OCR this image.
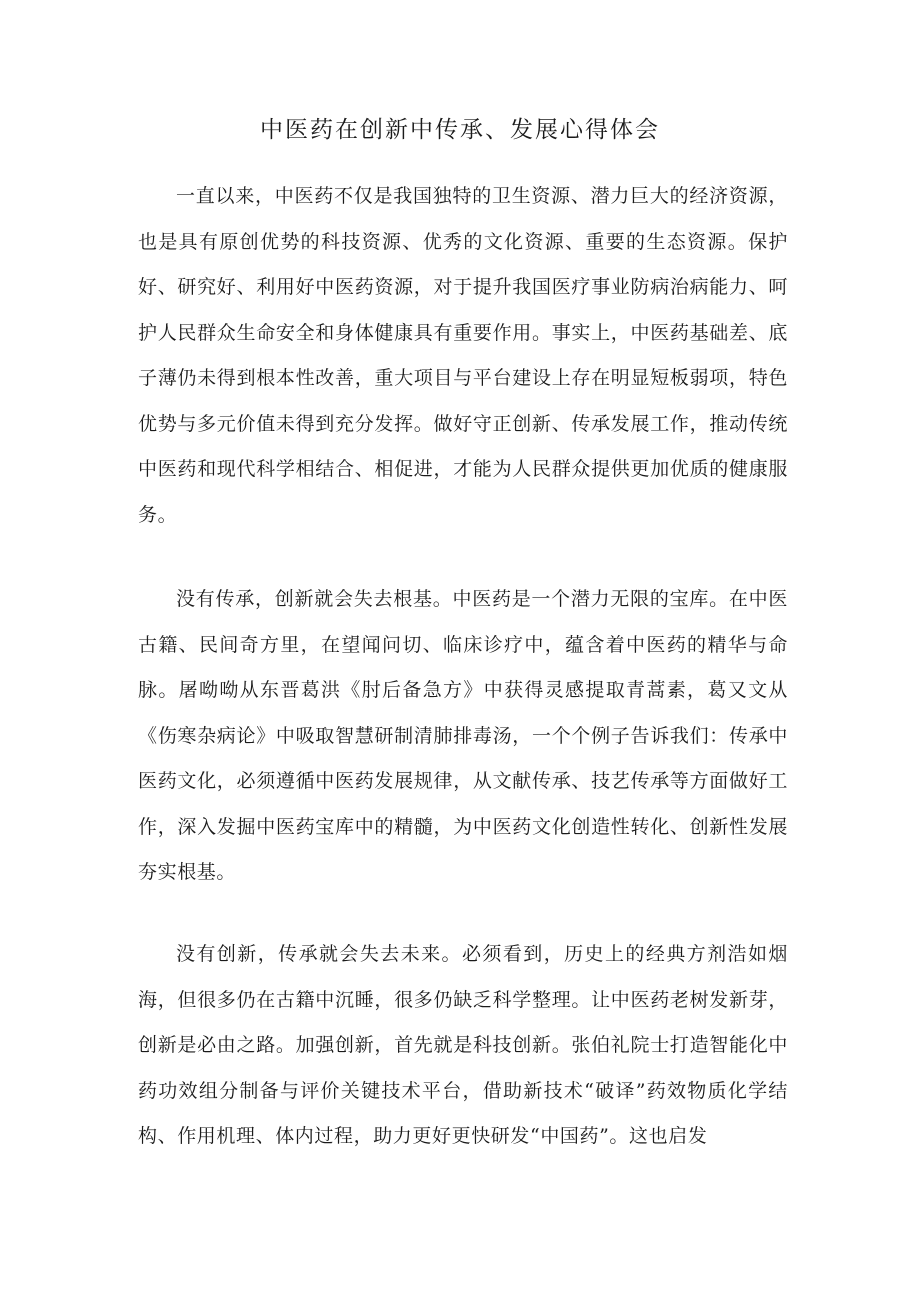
中医药在创新中传承、发展心得体会

一直以来，中医药不仅是我国独特的卫生资源、潜力巨大的经济资源，也是具有原创优势的科技资源、优秀的文化资源、重要的生态资源。保护好、研究好、利用好中医药资源，对于提升我国医疗事业防病治病能力、呵护人民群众生命安全和身体健康具有重要作用。事实上，中医药基础差、底子薄仍未得到根本性改善，重大项目与平台建设上存在明显短板弱项，特色优势与多元价值未得到充分发挥。做好守正创新、传承发展工作，推动传统中医药和现代科学相结合、相促进，才能为人民群众提供更加优质的健康服务。

没有传承，创新就会失去根基。中医药是一个潜力无限的宝库。在中医古籍、民间奇方里，在望闻问切、临床诊疗中，蕴含着中医药的精华与命脉。屠呦呦从东晋葛洪《肘后备急方》中获得灵感提取青蒿素，葛又文从《伤寒杂病论》中吸取智慧研制清肺排毒汤，一个个例子告诉我们：传承中医药文化，必须遵循中医药发展规律，从文献传承、技艺传承等方面做好工作，深入发掘中医药宝库中的精髓，为中医药文化创造性转化、创新性发展夯实根基。

没有创新，传承就会失去未来。必须看到，历史上的经典方剂浩如烟海，但很多仍在古籍中沉睡，很多仍缺乏科学整理。让中医药老树发新芽，创新是必由之路。加强创新，首先就是科技创新。张伯礼院士打造智能化中药功效组分制备与评价关键技术平台，借助新技术“破译”药效物质化学结构、作用机理、体内过程，助力更好更快研发“中国药”。这也启发
